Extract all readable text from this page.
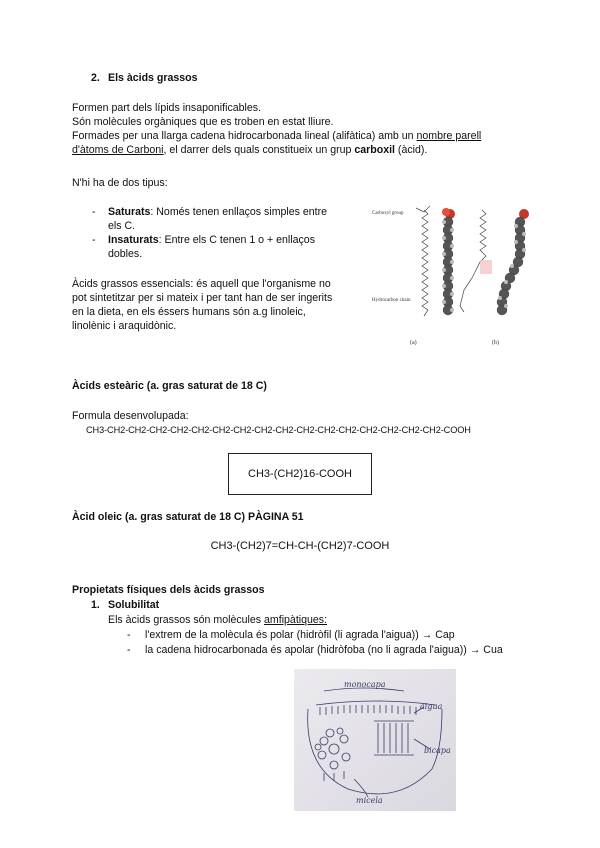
2. Els àcids grassos
Formen part dels lípids insaponificables.
Són molècules orgàniques que es troben en estat lliure.
Formades per una llarga cadena hidrocarbonada lineal (alifàtica) amb un nombre parell
d'àtoms de Carboni, el darrer dels quals constitueix un grup carboxil (àcid).
N'hi ha de dos tipus:
- Saturats: Només tenen enllaços simples entre
els C.
- Insaturats: Entre els C tenen 1 o + enllaços
dobles.
Àcids grassos essencials: és aquell que l'organisme no
pot sintetitzar per si mateix i per tant han de ser ingerits
en la dieta, en els éssers humans són a.g linoleic,
linolènic i araquidònic.
Carboxyl group
Hydrocarbon chain
(a)	(b)
Àcids esteàric (a. gras saturat de 18 C)
Formula desenvolupada:
CH3-CH2-CH2-CH2-CH2-CH2-CH2-CH2-CH2-CH2-CH2-CH2-CH2-CH2-CH2-CH2-CH2-COOH
CH3-(CH2)16-COOH
Àcid oleic (a. gras saturat de 18 C) PÀGINA 51
CH3-(CH2)7=CH-CH-(CH2)7-COOH
Propietats físiques dels àcids grassos
1. Solubilitat
Els àcids grassos són molècules amfipàtiques:
- l'extrem de la molècula és polar (hidròfil (li agrada l'aigua)) → Cap
- la cadena hidrocarbonada és apolar (hidròfoba (no li agrada l'aigua)) → Cua
monocapa
aigua
bicapa
micela
